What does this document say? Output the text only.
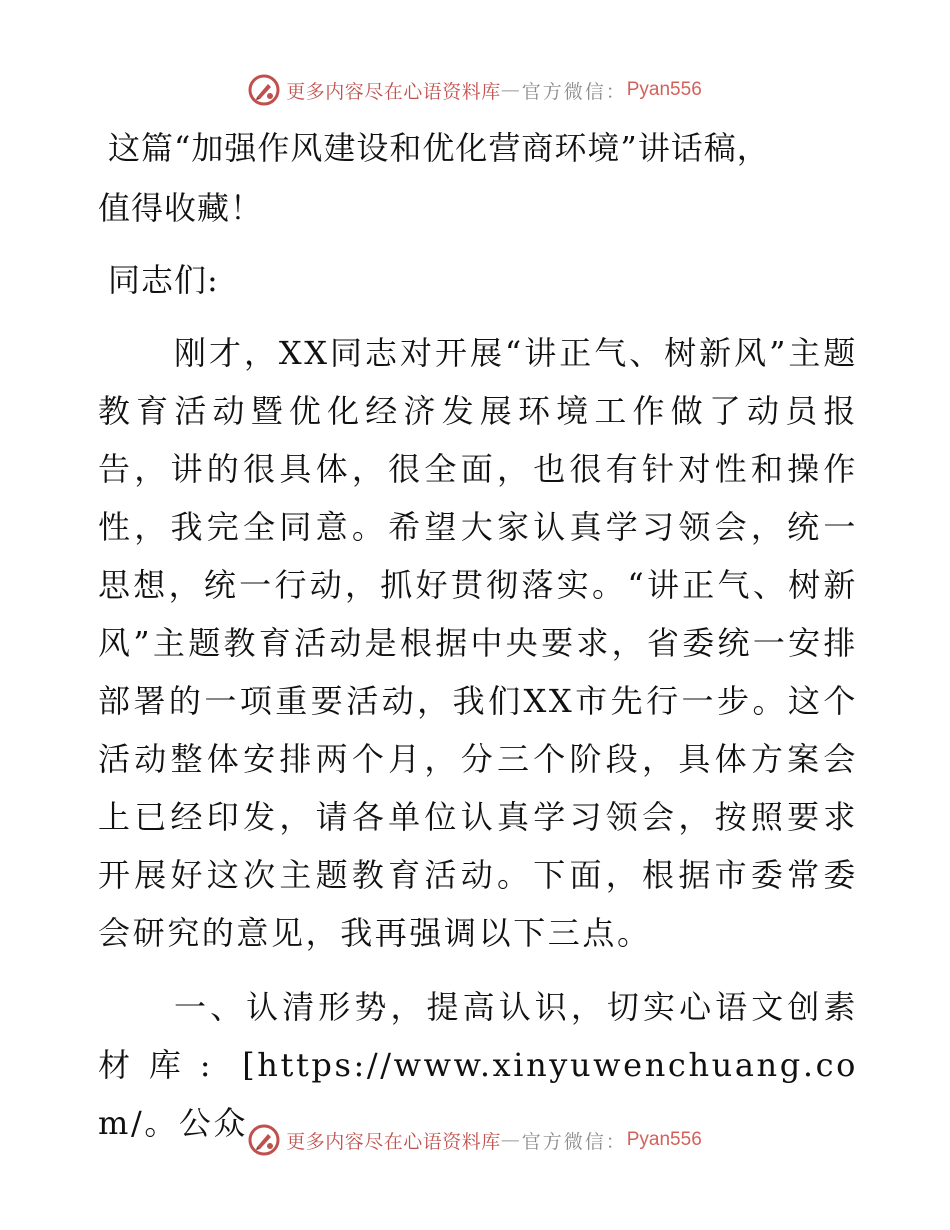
更多内容尽在心语资料库 — 官方微信： Pyan556

这篇“加强作风建设和优化营商环境”讲话稿，

值得收藏！

同志们:

刚才，XX同志对开展“讲正气、树新风”主题教育活动暨优化经济发展环境工作做了动员报告，讲的很具体，很全面，也很有针对性和操作性，我完全同意。希望大家认真学习领会，统一思想，统一行动，抓好贯彻落实。“讲正气、树新风”主题教育活动是根据中央要求，省委统一安排部署的一项重要活动，我们XX市先行一步。这个活动整体安排两个月，分三个阶段，具体方案会上已经印发，请各单位认真学习领会，按照要求开展好这次主题教育活动。下面，根据市委常委会研究的意见，我再强调以下三点。

一、认清形势，提高认识，切实心语文创素材库: [https://www.xinyuwenchuang.com/。公众	更多内容尽在心语资料库 — 官方微信： Pyan556
